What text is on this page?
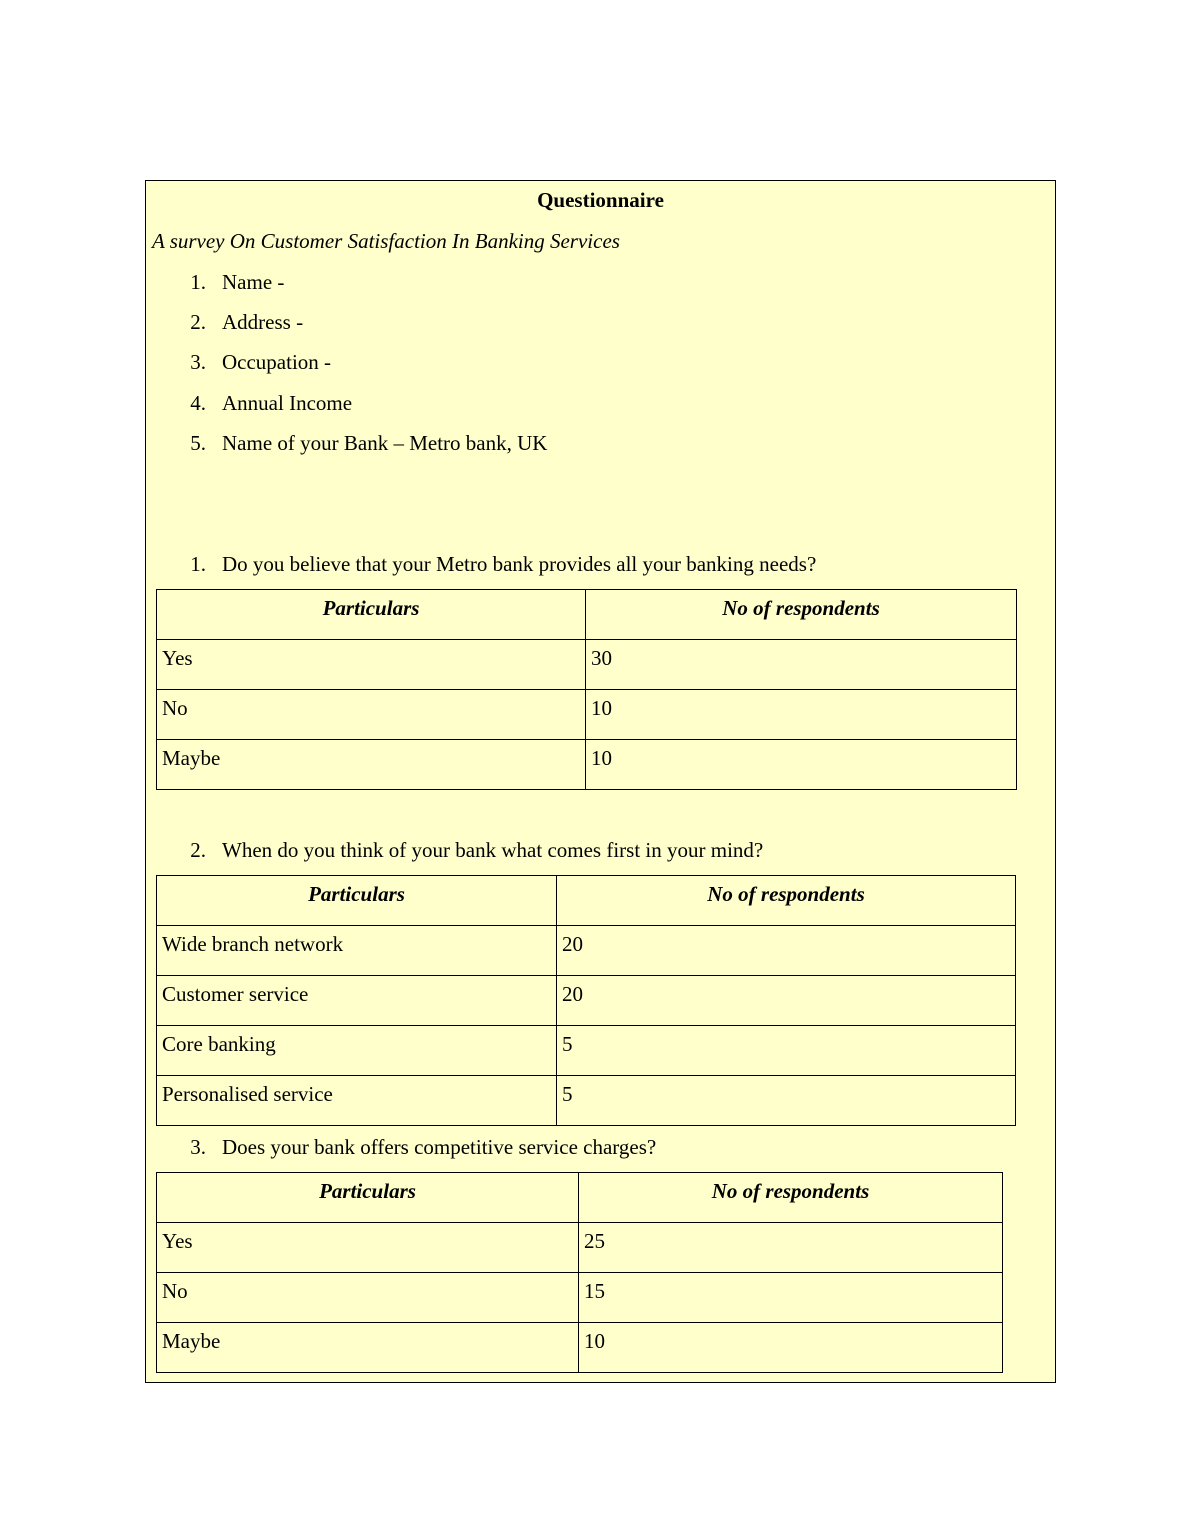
Questionnaire
A survey On Customer Satisfaction In Banking Services
1. Name -
2. Address -
3. Occupation -
4. Annual Income
5. Name of your Bank – Metro bank, UK
1. Do you believe that your Metro bank provides all your banking needs?
Particulars	No of respondents
Yes	30
No	10
Maybe	10
2. When do you think of your bank what comes first in your mind?
Particulars	No of respondents
Wide branch network	20
Customer service	20
Core banking	5
Personalised service	5
3. Does your bank offers competitive service charges?
Particulars	No of respondents
Yes	25
No	15
Maybe	10
